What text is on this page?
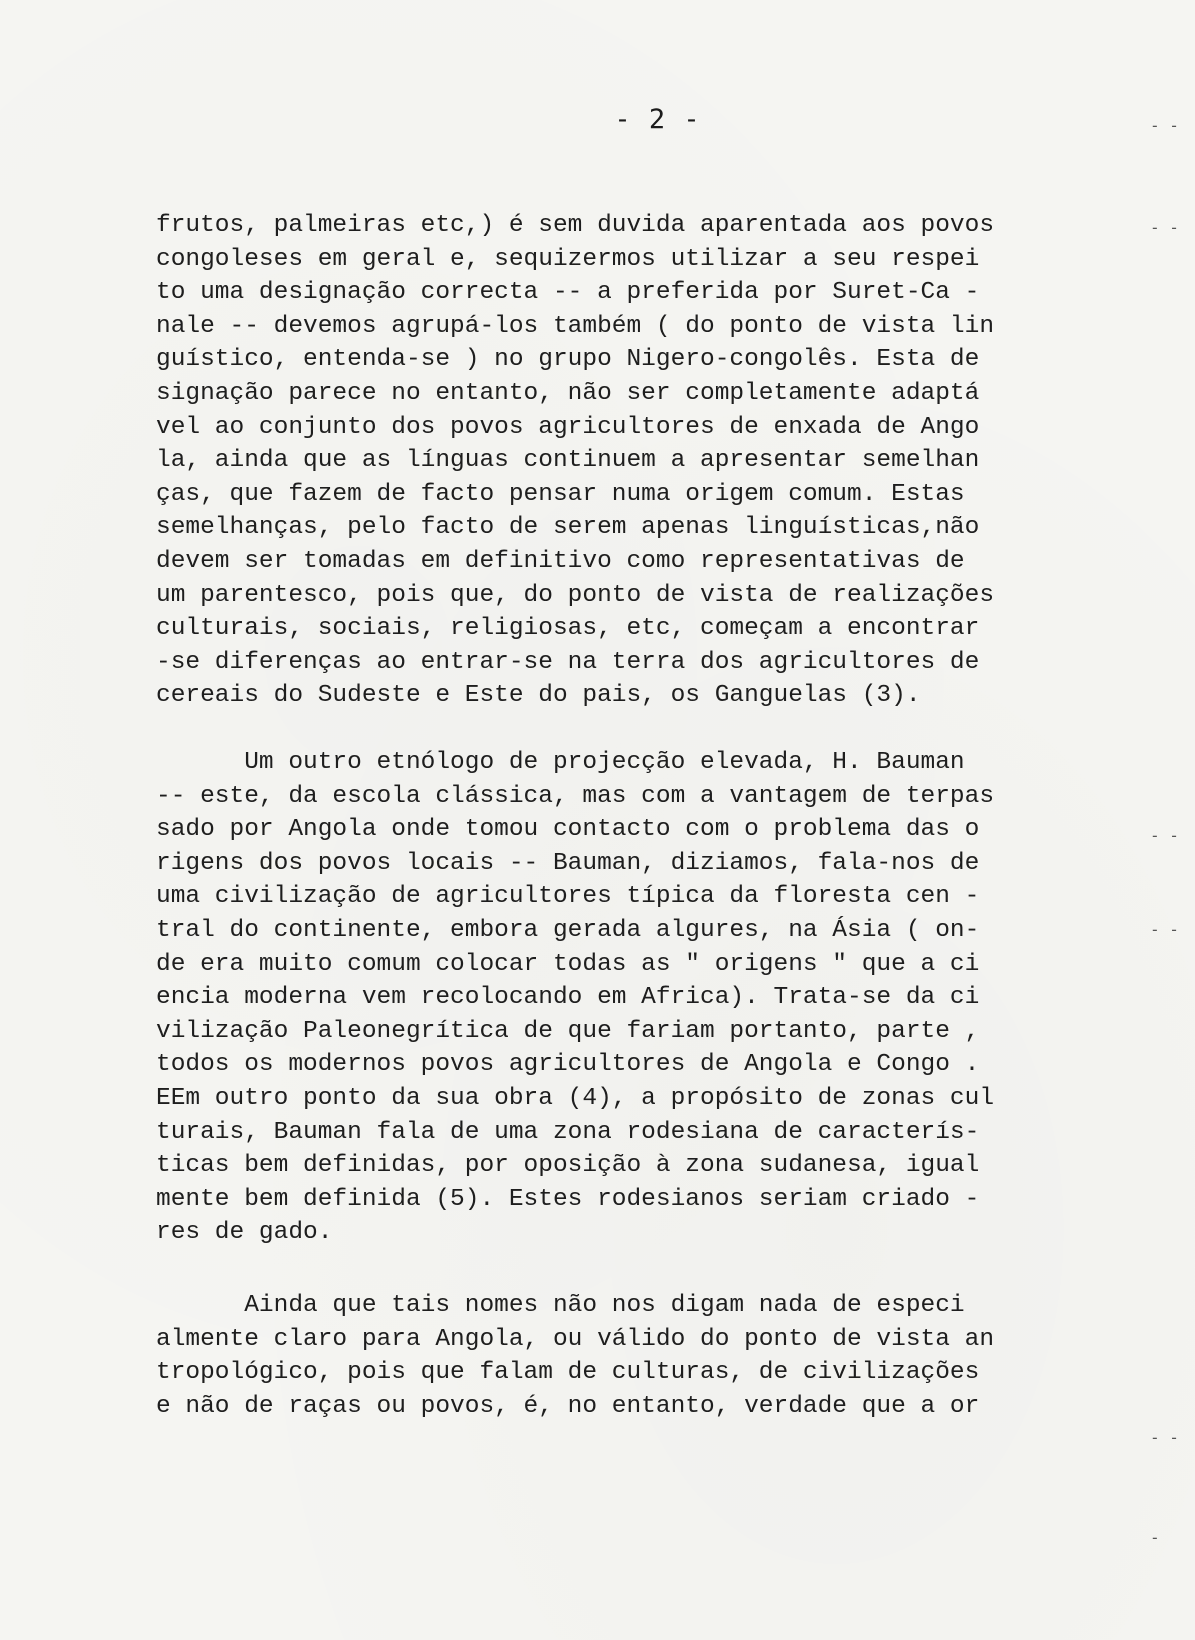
- 2 -
frutos, palmeiras etc,) é sem duvida aparentada aos povos
congoleses em geral e, sequizermos utilizar a seu respei
to uma designação correcta -- a preferida por Suret-Ca -
nale -- devemos agrupá-los também ( do ponto de vista lin
guístico, entenda-se ) no grupo Nigero-congolês. Esta de
signação parece no entanto, não ser completamente adaptá
vel ao conjunto dos povos agricultores de enxada de Ango
la, ainda que as línguas continuem a apresentar semelhan
ças, que fazem de facto pensar numa origem comum. Estas
semelhanças, pelo facto de serem apenas linguísticas,não
devem ser tomadas em definitivo como representativas de
um parentesco, pois que, do ponto de vista de realizações
culturais, sociais, religiosas, etc, começam a encontrar
-se diferenças ao entrar-se na terra dos agricultores de
cereais do Sudeste e Este do pais, os Ganguelas (3).
Um outro etnólogo de projecção elevada, H. Bauman
-- este, da escola clássica, mas com a vantagem de terpas
sado por Angola onde tomou contacto com o problema das o
rigens dos povos locais -- Bauman, diziamos, fala-nos de
uma civilização de agricultores típica da floresta cen -
tral do continente, embora gerada algures, na Ásia ( on-
de era muito comum colocar todas as " origens " que a ci
encia moderna vem recolocando em Africa). Trata-se da ci
vilização Paleonegrítica de que fariam portanto, parte ,
todos os modernos povos agricultores de Angola e Congo .
EEm outro ponto da sua obra (4), a propósito de zonas cul
turais, Bauman fala de uma zona rodesiana de caracterís-
ticas bem definidas, por oposição à zona sudanesa, igual
mente bem definida (5). Estes rodesianos seriam criado -
res de gado.
Ainda que tais nomes não nos digam nada de especi
almente claro para Angola, ou válido do ponto de vista an
tropológico, pois que falam de culturas, de civilizações
e não de raças ou povos, é, no entanto, verdade que a or
- -
- -
- -
- -
- -
-
